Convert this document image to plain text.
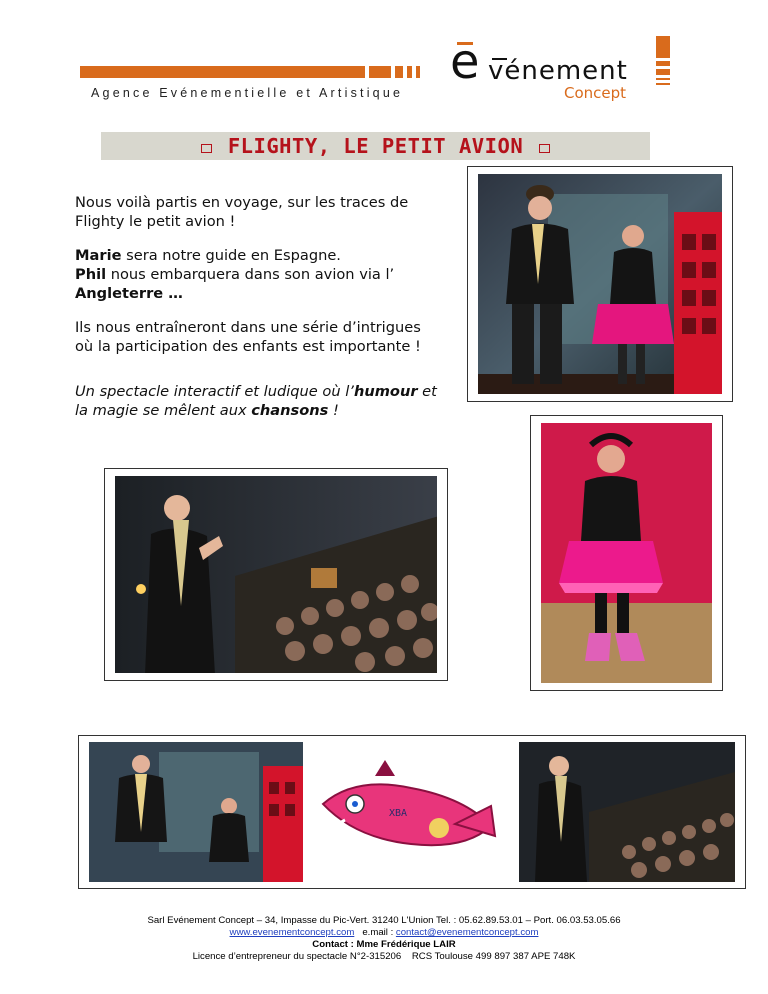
Agence Evénementielle et Artistique
e vénement
Concept
FLIGHTY, LE PETIT AVION

Nous voilà partis en voyage, sur les traces de Flighty le petit avion !

Marie sera notre guide en Espagne.
Phil nous embarquera dans son avion via l’ Angleterre …

Ils nous entraîneront dans une série d’intrigues où la participation des enfants est importante !

Un spectacle interactif et ludique où l’humour et la magie se mêlent aux chansons !

XBA
Sarl Evénement Concept – 34, Impasse du Pic-Vert. 31240 L'Union Tel. : 05.62.89.53.01 – Port. 06.03.53.05.66
www.evenementconcept.com   e.mail : contact@evenementconcept.com
Contact : Mme Frédérique LAIR
Licence d’entrepreneur du spectacle N°2-315206    RCS Toulouse 499 897 387 APE 748K
